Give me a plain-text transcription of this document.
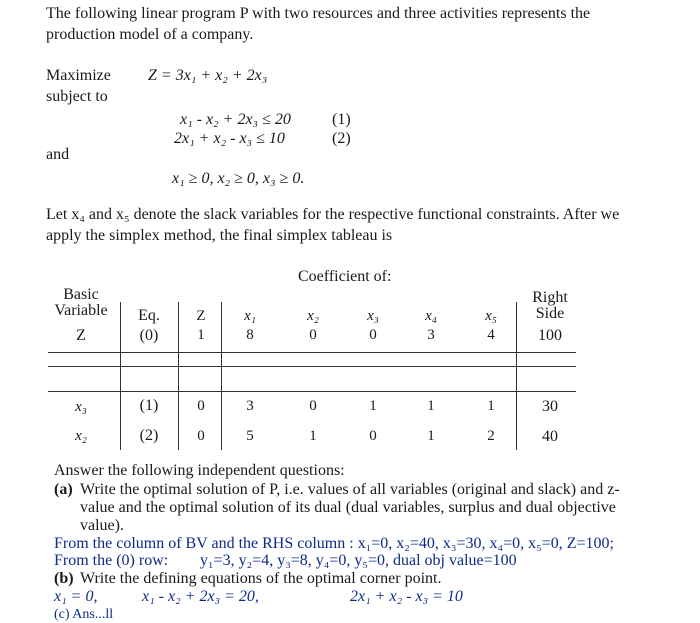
The following linear program P with two resources and three activities represents the
production model of a company.
Maximize Z = 3x₁ + x₂ + 2x₃
subject to
x₁ - x₂ + 2x₃ ≤ 20	(1)
2x₁ + x₂ - x₃ ≤ 10	(2)
and
x₁ ≥ 0, x₂ ≥ 0, x₃ ≥ 0.
Let x₄ and x₅ denote the slack variables for the respective functional constraints. After we
apply the simplex method, the final simplex tableau is
Coefficient of:
Basic
Variable
Right
Side
Eq.	Z	x₁	x₂	x₃	x₄	x₅
Z	(0)	1	8	0	0	3	4	100
x₃	(1)	0	3	0	1	1	1	30
x₂	(2)	0	5	1	0	1	2	40
Answer the following independent questions:
(a) Write the optimal solution of P, i.e. values of all variables (original and slack) and z-
value and the optimal solution of its dual (dual variables, surplus and dual objective
value).
From the column of BV and the RHS column : x₁=0, x₂=40, x₃=30, x₄=0, x₅=0, Z=100;
From the (0) row: y₁=3, y₂=4, y₃=8, y₄=0, y₅=0, dual obj value=100
(b) Write the defining equations of the optimal corner point.
x₁ = 0,	x₁ - x₂ + 2x₃ = 20,	2x₁ + x₂ - x₃ = 10
(c) Ans...ll
